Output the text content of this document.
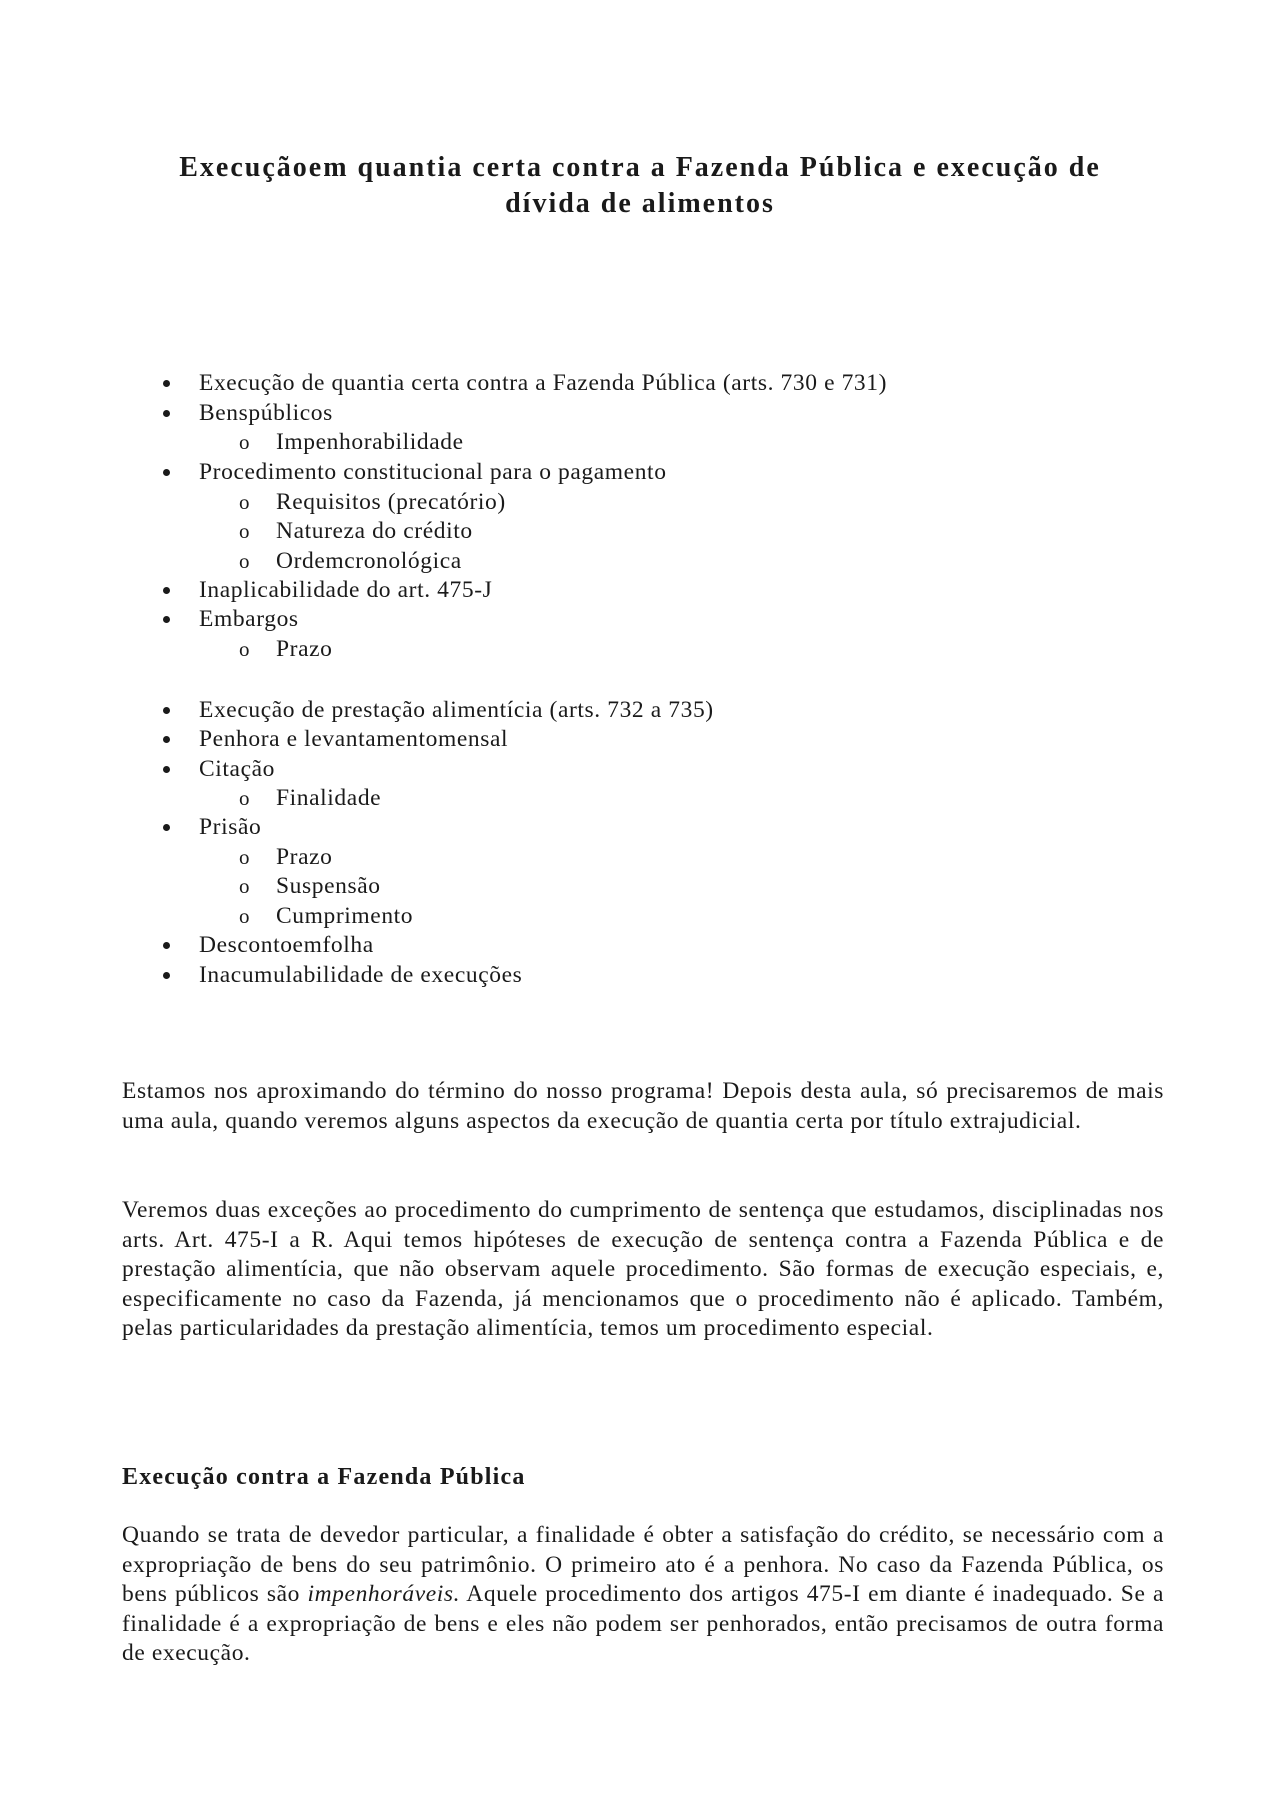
Execuçãoem quantia certa contra a Fazenda Pública e execução de
dívida de alimentos
Execução de quantia certa contra a Fazenda Pública (arts. 730 e 731)
Benspúblicos
o Impenhorabilidade
Procedimento constitucional para o pagamento
o Requisitos (precatório)
o Natureza do crédito
o Ordemcronológica
Inaplicabilidade do art. 475-J
Embargos
o Prazo
Execução de prestação alimentícia (arts. 732 a 735)
Penhora e levantamentomensal
Citação
o Finalidade
Prisão
o Prazo
o Suspensão
o Cumprimento
Descontoemfolha
Inacumulabilidade de execuções

Estamos nos aproximando do término do nosso programa! Depois desta aula, só precisaremos de mais uma aula, quando veremos alguns aspectos da execução de quantia certa por título extrajudicial.

Veremos duas exceções ao procedimento do cumprimento de sentença que estudamos, disciplinadas nos arts. Art. 475-I a R. Aqui temos hipóteses de execução de sentença contra a Fazenda Pública e de prestação alimentícia, que não observam aquele procedimento. São formas de execução especiais, e, especificamente no caso da Fazenda, já mencionamos que o procedimento não é aplicado. Também, pelas particularidades da prestação alimentícia, temos um procedimento especial.

Execução contra a Fazenda Pública

Quando se trata de devedor particular, a finalidade é obter a satisfação do crédito, se necessário com a expropriação de bens do seu patrimônio. O primeiro ato é a penhora. No caso da Fazenda Pública, os bens públicos são impenhoráveis. Aquele procedimento dos artigos 475-I em diante é inadequado. Se a finalidade é a expropriação de bens e eles não podem ser penhorados, então precisamos de outra forma de execução.
